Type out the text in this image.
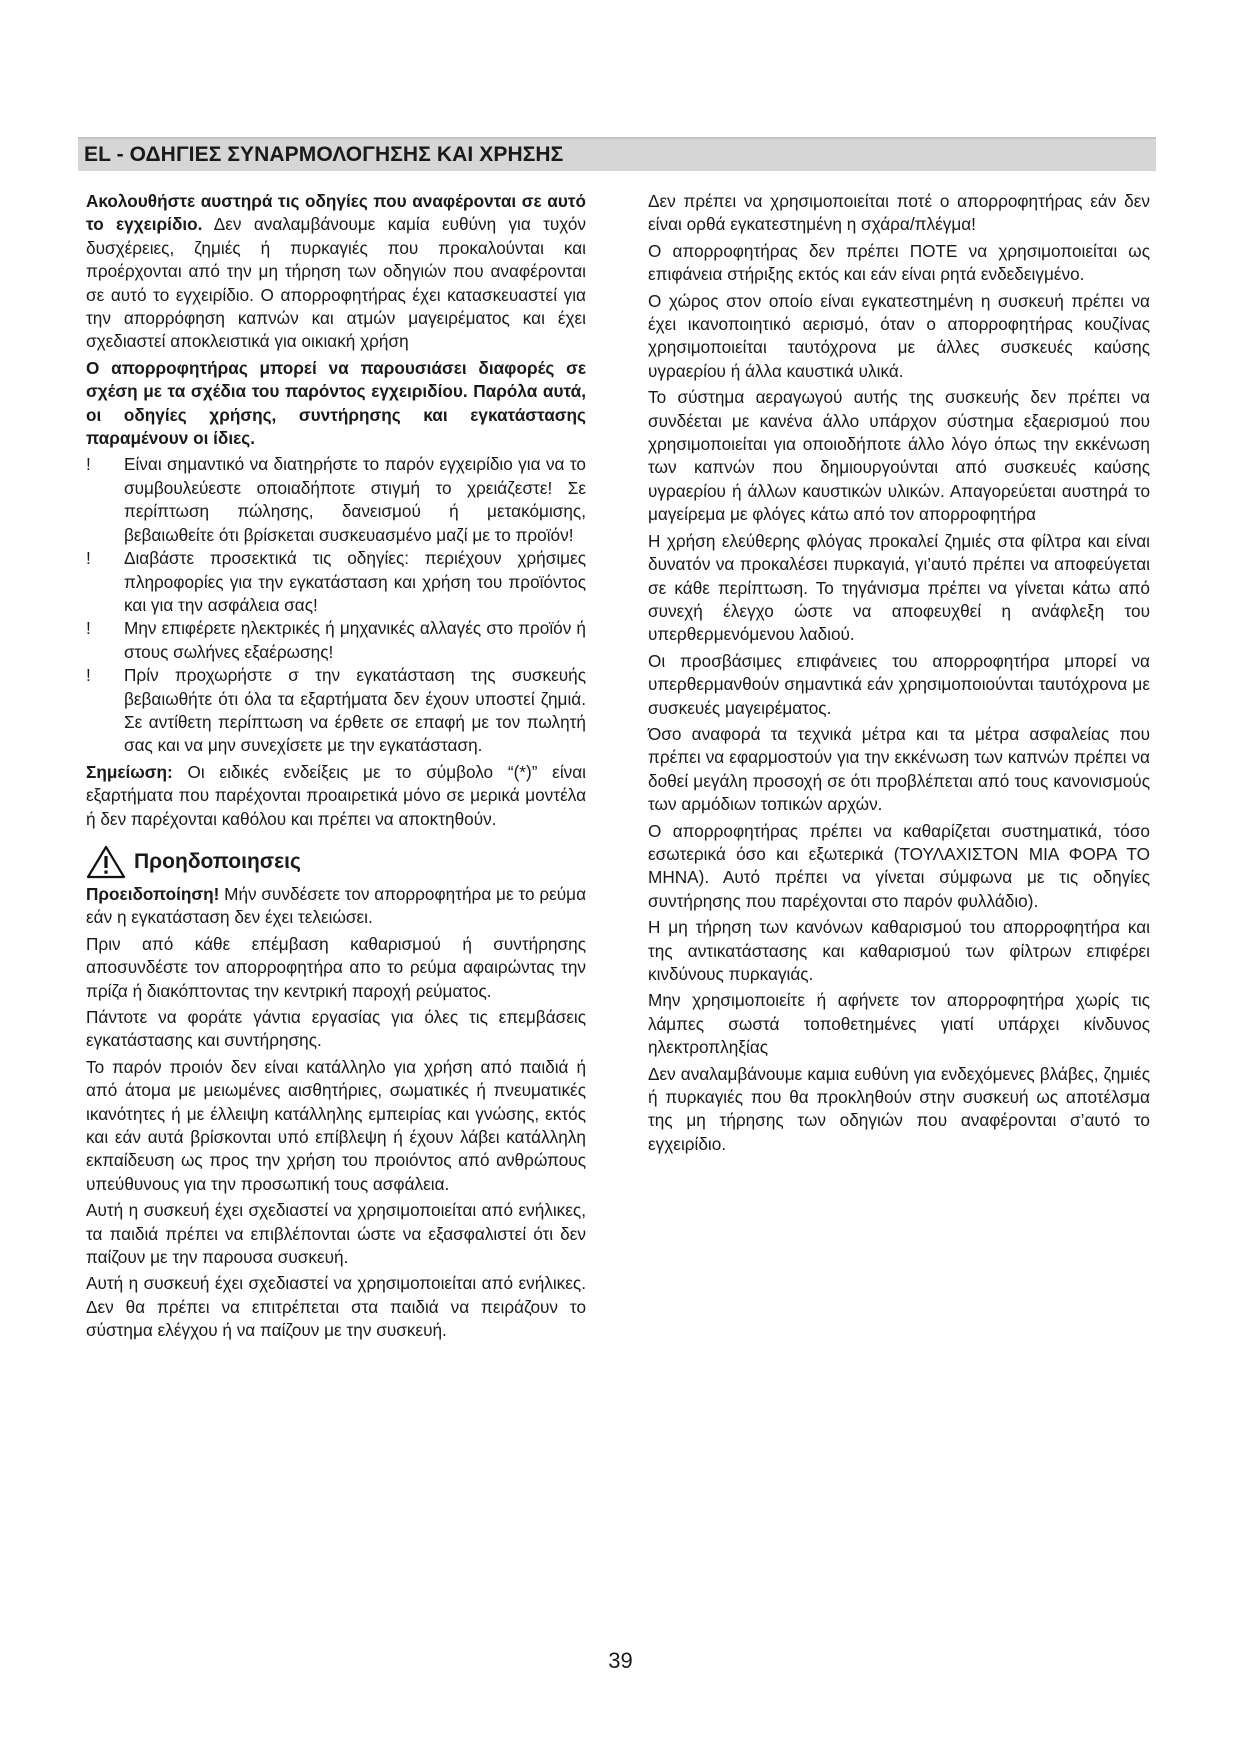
EL - ΟΔΗΓΙΕΣ ΣΥΝΑΡΜΟΛΟΓΗΣΗΣ ΚΑΙ ΧΡΗΣΗΣ

Ακολουθήστε αυστηρά τις οδηγίες που αναφέρονται σε αυτό το εγχειρίδιο. Δεν αναλαμβάνουμε καμία ευθύνη για τυχόν δυσχέρειες, ζημιές ή πυρκαγιές που προκαλούνται και προέρχονται από την μη τήρηση των οδηγιών που αναφέρονται σε αυτό το εγχειρίδιο. Ο απορροφητήρας έχει κατασκευαστεί για την απορρόφηση καπνών και ατμών μαγειρέματος και έχει σχεδιαστεί αποκλειστικά για οικιακή χρήση

Ο απορροφητήρας μπορεί να παρουσιάσει διαφορές σε σχέση με τα σχέδια του παρόντος εγχειριδίου. Παρόλα αυτά, οι οδηγίες χρήσης, συντήρησης και εγκατάστασης παραμένουν οι ίδιες.

!	Είναι σημαντικό να διατηρήστε το παρόν εγχειρίδιο για να το συμβουλεύεστε οποιαδήποτε στιγμή το χρειάζεστε! Σε περίπτωση πώλησης, δανεισμού ή μετακόμισης, βεβαιωθείτε ότι βρίσκεται συσκευασμένο μαζί με το προϊόν!
!	Διαβάστε προσεκτικά τις οδηγίες: περιέχουν χρήσιμες πληροφορίες για την εγκατάσταση και χρήση του προϊόντος και για την ασφάλεια σας!
!	Μην επιφέρετε ηλεκτρικές ή μηχανικές αλλαγές στο προϊόν ή στους σωλήνες εξαέρωσης!
!	Πρίν προχωρήστε σ την εγκατάσταση της συσκευής βεβαιωθήτε ότι όλα τα εξαρτήματα δεν έχουν υποστεί ζημιά. Σε αντίθετη περίπτωση να έρθετε σε επαφή με τον πωλητή σας και να μην συνεχίσετε με την εγκατάσταση.

Σημείωση: Οι ειδικές ενδείξεις με το σύμβολο “(*)” είναι εξαρτήματα που παρέχονται προαιρετικά μόνο σε μερικά μοντέλα ή δεν παρέχονται καθόλου και πρέπει να αποκτηθούν.

Προηδοποιησεις

Προειδοποίηση! Μήν συνδέσετε τον απορροφητήρα με το ρεύμα εάν η εγκατάσταση δεν έχει τελειώσει.

Πριν από κάθε επέμβαση καθαρισμού ή συντήρησης αποσυνδέστε τον απορροφητήρα απο το ρεύμα αφαιρώντας την πρίζα ή διακόπτοντας την κεντρική παροχή ρεύματος.

Πάντοτε να φοράτε γάντια εργασίας για όλες τις επεμβάσεις εγκατάστασης και συντήρησης.

Το παρόν προιόν δεν είναι κατάλληλο για χρήση από παιδιά ή από άτομα με μειωμένες αισθητήριες, σωματικές ή πνευματικές ικανότητες ή με έλλειψη κατάλληλης εμπειρίας και γνώσης, εκτός και εάν αυτά βρίσκονται υπό επίβλεψη ή έχουν λάβει κατάλληλη εκπαίδευση ως προς την χρήση του προιόντος από ανθρώπους υπεύθυνους για την προσωπική τους ασφάλεια.

Αυτή η συσκευή έχει σχεδιαστεί να χρησιμοποιείται από ενήλικες, τα παιδιά πρέπει να επιβλέπονται ώστε να εξασφαλιστεί ότι δεν παίζουν με την παρουσα συσκευή.

Αυτή η συσκευή έχει σχεδιαστεί να χρησιμοποιείται από ενήλικες. Δεν θα πρέπει να επιτρέπεται στα παιδιά να πειράζουν το σύστημα ελέγχου ή να παίζουν με την συσκευή.

Δεν πρέπει να χρησιμοποιείται ποτέ ο απορροφητήρας εάν δεν είναι ορθά εγκατεστημένη η σχάρα/πλέγμα!

Ο απορροφητήρας δεν πρέπει ΠΟΤΕ να χρησιμοποιείται ως επιφάνεια στήριξης εκτός και εάν είναι ρητά ενδεδειγμένο.

Ο χώρος στον οποίο είναι εγκατεστημένη η συσκευή πρέπει να έχει ικανοποιητικό αερισμό, όταν ο απορροφητήρας κουζίνας χρησιμοποιείται ταυτόχρονα με άλλες συσκευές καύσης υγραερίου ή άλλα καυστικά υλικά.

Το σύστημα αεραγωγού αυτής της συσκευής δεν πρέπει να συνδέεται με κανένα άλλο υπάρχον σύστημα εξαερισμού που χρησιμοποιείται για οποιοδήποτε άλλο λόγο όπως την εκκένωση των καπνών που δημιουργούνται από συσκευές καύσης υγραερίου ή άλλων καυστικών υλικών. Απαγορεύεται αυστηρά το μαγείρεμα με φλόγες κάτω από τον απορροφητήρα

Η χρήση ελεύθερης φλόγας προκαλεί ζημιές στα φίλτρα και είναι δυνατόν να προκαλέσει πυρκαγιά, γι’αυτό πρέπει να αποφεύγεται σε κάθε περίπτωση. Το τηγάνισμα πρέπει να γίνεται κάτω από συνεχή έλεγχο ώστε να αποφευχθεί η ανάφλεξη του υπερθερμενόμενου λαδιού.

Οι προσβάσιμες επιφάνειες του απορροφητήρα μπορεί να υπερθερμανθούν σημαντικά εάν χρησιμοποιούνται ταυτόχρονα με συσκευές μαγειρέματος.

Όσο αναφορά τα τεχνικά μέτρα και τα μέτρα ασφαλείας που πρέπει να εφαρμοστούν για την εκκένωση των καπνών πρέπει να δοθεί μεγάλη προσοχή σε ότι προβλέπεται από τους κανονισμούς των αρμόδιων τοπικών αρχών.

Ο απορροφητήρας πρέπει να καθαρίζεται συστηματικά, τόσο εσωτερικά όσο και εξωτερικά (ΤΟΥΛΑΧΙΣΤΟΝ ΜΙΑ ΦΟΡΑ ΤΟ ΜΗΝΑ). Αυτό πρέπει να γίνεται σύμφωνα με τις οδηγίες συντήρησης που παρέχονται στο παρόν φυλλάδιο).

Η μη τήρηση των κανόνων καθαρισμού του απορροφητήρα και της αντικατάστασης και καθαρισμού των φίλτρων επιφέρει κινδύνους πυρκαγιάς.

Μην χρησιμοποιείτε ή αφήνετε τον απορροφητήρα χωρίς τις λάμπες σωστά τοποθετημένες γιατί υπάρχει κίνδυνος ηλεκτροπληξίας

Δεν αναλαμβάνουμε καμια ευθύνη για ενδεχόμενες βλάβες, ζημιές ή πυρκαγιές που θα προκληθούν στην συσκευή ως αποτέλσμα της μη τήρησης των οδηγιών που αναφέρονται σ’αυτό το εγχειρίδιο.

39
